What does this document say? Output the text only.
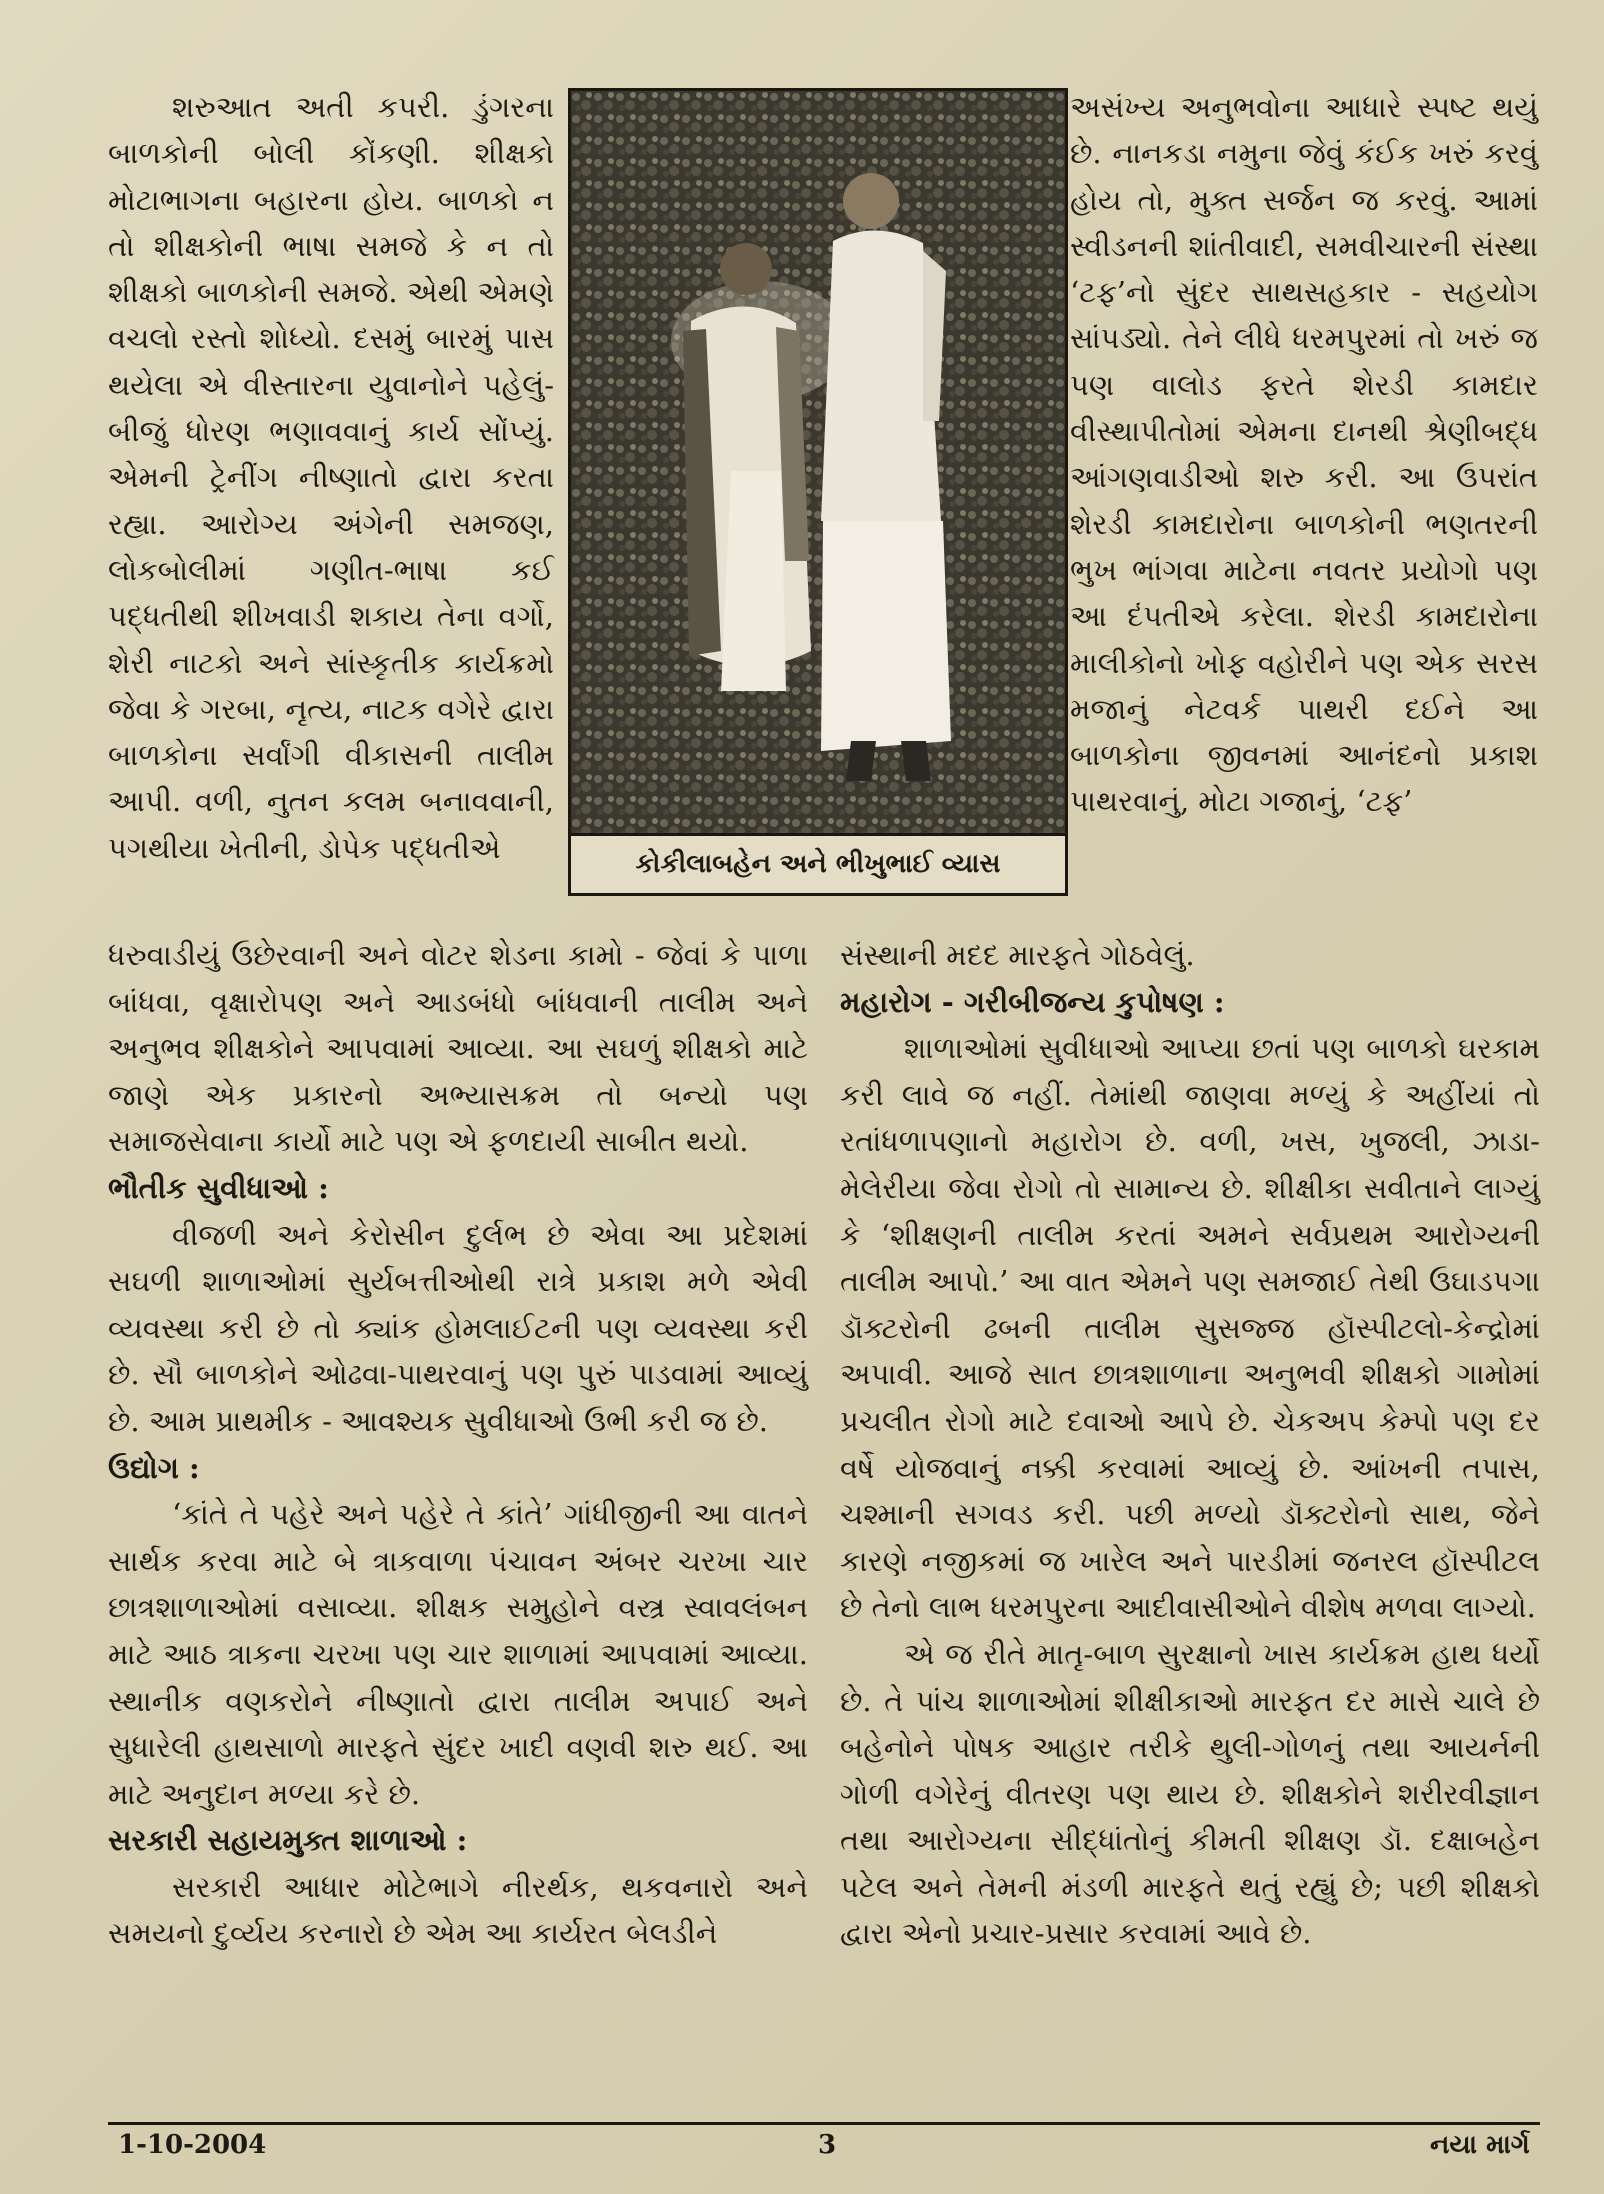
શરુઆત અતી કપરી. ડુંગરના બાળકોની બોલી કોંકણી. શીક્ષકો મોટાભાગના બહારના હોય. બાળકો ન તો શીક્ષકોની ભાષા સમજે કે ન તો શીક્ષકો બાળકોની સમજે. એથી એમણે વચલો રસ્તો શોધ્યો. દસમું બારમું પાસ થયેલા એ વીસ્તારના યુવાનોને પહેલું-બીજું ધોરણ ભણાવવાનું કાર્ય સોંપ્યું. એમની ટ્રેનીંગ નીષ્ણાતો દ્વારા કરતા રહ્યા. આરોગ્ય અંગેની સમજણ, લોકબોલીમાં ગણીત-ભાષા કઈ પદ્ધતીથી શીખવાડી શકાય તેના વર્ગો, શેરી નાટકો અને સાંસ્કૃતીક કાર્યક્રમો જેવા કે ગરબા, નૃત્ય, નાટક વગેરે દ્વારા બાળકોના સર્વાંગી વીકાસની તાલીમ આપી. વળી, નુતન કલમ બનાવવાની, પગથીયા ખેતીની, ડોપેક પદ્ધતીએ	કોકીલાબહેન અને ભીખુભાઈ વ્યાસ

અસંખ્ય અનુભવોના આધારે સ્પષ્ટ થયું છે. નાનકડા નમુના જેવું કંઈક ખરું કરવું હોય તો, મુક્ત સર્જન જ કરવું. આમાં સ્વીડનની શાંતીવાદી, સમવીચારની સંસ્થા ‘ટફ’નો સુંદર સાથસહકાર - સહયોગ સાંપડ્યો. તેને લીધે ધરમપુરમાં તો ખરું જ પણ વાલોડ ફરતે શેરડી કામદાર વીસ્થાપીતોમાં એમના દાનથી શ્રેણીબદ્ધ આંગણવાડીઓ શરુ કરી. આ ઉપરાંત શેરડી કામદારોના બાળકોની ભણતરની ભુખ ભાંગવા માટેના નવતર પ્રયોગો પણ આ દંપતીએ કરેલા. શેરડી કામદારોના માલીકોનો ખોફ વહોરીને પણ એક સરસ મજાનું નેટવર્ક પાથરી દઈને આ બાળકોના જીવનમાં આનંદનો પ્રકાશ પાથરવાનું, મોટા ગજાનું, ‘ટફ’

ધરુવાડીયું ઉછેરવાની અને વોટર શેડના કામો - જેવાં કે પાળા બાંધવા, વૃક્ષારોપણ અને આડબંધો બાંધવાની તાલીમ અને અનુભવ શીક્ષકોને આપવામાં આવ્યા. આ સઘળું શીક્ષકો માટે જાણે એક પ્રકારનો અભ્યાસક્રમ તો બન્યો પણ સમાજસેવાના કાર્યો માટે પણ એ ફળદાયી સાબીત થયો.

ભૌતીક સુવીધાઓ :

વીજળી અને કેરોસીન દુર્લભ છે એવા આ પ્રદેશમાં સઘળી શાળાઓમાં સુર્યબત્તીઓથી રાત્રે પ્રકાશ મળે એવી વ્યવસ્થા કરી છે તો ક્યાંક હોમલાઈટની પણ વ્યવસ્થા કરી છે. સૌ બાળકોને ઓઢવા-પાથરવાનું પણ પુરું પાડવામાં આવ્યું છે. આમ પ્રાથમીક - આવશ્યક સુવીધાઓ ઉભી કરી જ છે.

ઉદ્યોગ :

‘કાંતે તે પહેરે અને પહેરે તે કાંતે’ ગાંધીજીની આ વાતને સાર્થક કરવા માટે બે ત્રાકવાળા પંચાવન અંબર ચરખા ચાર છાત્રશાળાઓમાં વસાવ્યા. શીક્ષક સમુહોને વસ્ત્ર સ્વાવલંબન માટે આઠ ત્રાકના ચરખા પણ ચાર શાળામાં આપવામાં આવ્યા. સ્થાનીક વણકરોને નીષ્ણાતો દ્વારા તાલીમ અપાઈ અને સુધારેલી હાથસાળો મારફતે સુંદર ખાદી વણવી શરુ થઈ. આ માટે અનુદાન મળ્યા કરે છે.

સરકારી સહાયમુક્ત શાળાઓ :

સરકારી આધાર મોટેભાગે નીરર્થક, થકવનારો અને સમયનો દુર્વ્યય કરનારો છે એમ આ કાર્યરત બેલડીને

સંસ્થાની મદદ મારફતે ગોઠવેલું.

મહારોગ - ગરીબીજન્ય કુપોષણ :

શાળાઓમાં સુવીધાઓ આપ્યા છતાં પણ બાળકો ઘરકામ કરી લાવે જ નહીં. તેમાંથી જાણવા મળ્યું કે અહીંયાં તો રતાંધળાપણાનો મહારોગ છે. વળી, ખસ, ખુજલી, ઝાડા-મેલેરીયા જેવા રોગો તો સામાન્ય છે. શીક્ષીકા સવીતાને લાગ્યું કે ‘શીક્ષણની તાલીમ કરતાં અમને સર્વપ્રથમ આરોગ્યની તાલીમ આપો.’ આ વાત એમને પણ સમજાઈ તેથી ઉઘાડપગા ડૉક્ટરોની ઢબની તાલીમ સુસજ્જ હૉસ્પીટલો-કેન્દ્રોમાં અપાવી. આજે સાત છાત્રશાળાના અનુભવી શીક્ષકો ગામોમાં પ્રચલીત રોગો માટે દવાઓ આપે છે. ચેકઅપ કેમ્પો પણ દર વર્ષે યોજવાનું નક્કી કરવામાં આવ્યું છે. આંખની તપાસ, ચશ્માની સગવડ કરી. પછી મળ્યો ડૉક્ટરોનો સાથ, જેને કારણે નજીકમાં જ ખારેલ અને પારડીમાં જનરલ હૉસ્પીટલ છે તેનો લાભ ધરમપુરના આદીવાસીઓને વીશેષ મળવા લાગ્યો.

એ જ રીતે માતૃ-બાળ સુરક્ષાનો ખાસ કાર્યક્રમ હાથ ધર્યો છે. તે પાંચ શાળાઓમાં શીક્ષીકાઓ મારફત દર માસે ચાલે છે બહેનોને પોષક આહાર તરીકે થુલી-ગોળનું તથા આયર્નની ગોળી વગેરેનું વીતરણ પણ થાય છે. શીક્ષકોને શરીરવીજ્ઞાન તથા આરોગ્યના સીદ્ધાંતોનું કીમતી શીક્ષણ ડૉ. દક્ષાબહેન પટેલ અને તેમની મંડળી મારફતે થતું રહ્યું છે; પછી શીક્ષકો દ્વારા એનો પ્રચાર-પ્રસાર કરવામાં આવે છે.

1-10-2004	3	નયા માર્ગ
